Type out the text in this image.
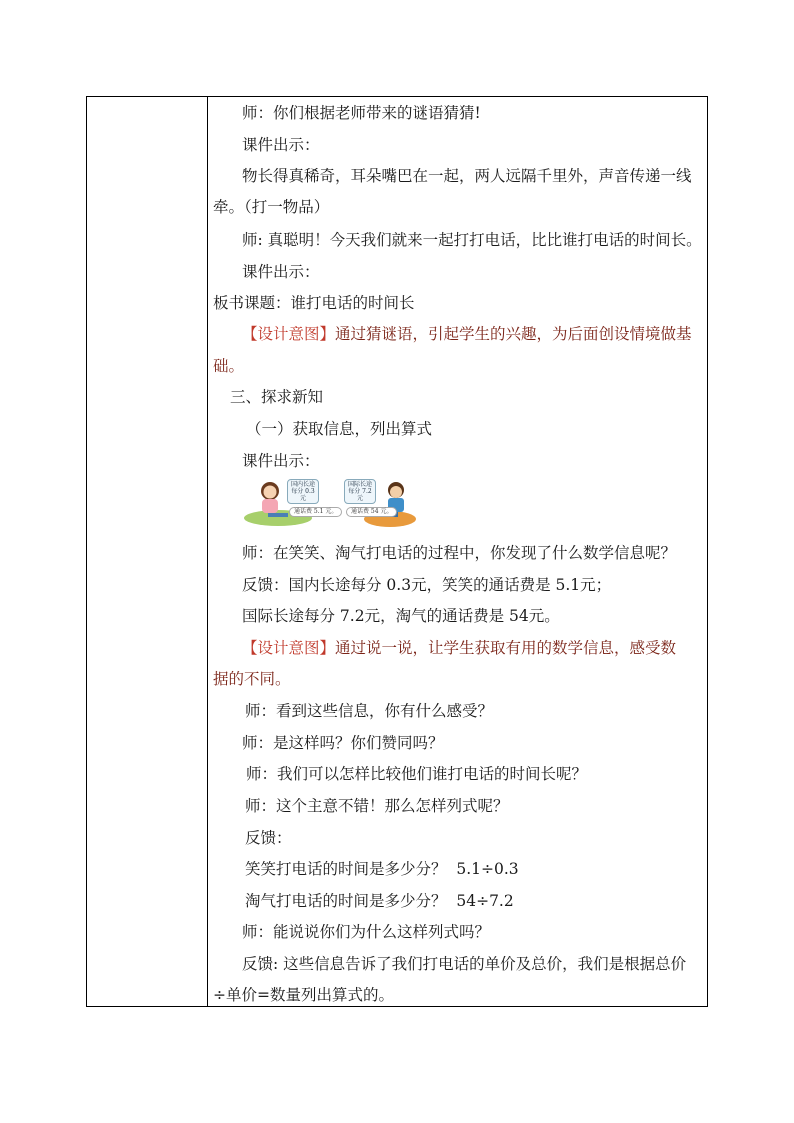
师：你们根据老师带来的谜语猜猜!
课件出示：
物长得真稀奇，耳朵嘴巴在一起，两人远隔千里外，声音传递一线
牵。（打一物品）
师: 真聪明！今天我们就来一起打打电话，比比谁打电话的时间长。
课件出示：
板书课题：谁打电话的时间长
【设计意图】通过猜谜语，引起学生的兴趣，为后面创设情境做基
础。
三、探求新知
（一）获取信息，列出算式
课件出示：
国内长途每分 0.3 元
国际长途每分 7.2 元
通话费 5.1 元。	通话费 54 元。
师：在笑笑、淘气打电话的过程中，你发现了什么数学信息呢？
反馈：国内长途每分 0.3元，笑笑的通话费是 5.1元；
国际长途每分 7.2元，淘气的通话费是 54元。
【设计意图】通过说一说，让学生获取有用的数学信息，感受数
据的不同。
师：看到这些信息，你有什么感受？
师：是这样吗？你们赞同吗？
师：我们可以怎样比较他们谁打电话的时间长呢？
师：这个主意不错！那么怎样列式呢？
反馈：
笑笑打电话的时间是多少分？  5.1÷0.3
淘气打电话的时间是多少分？  54÷7.2
师：能说说你们为什么这样列式吗？
反馈: 这些信息告诉了我们打电话的单价及总价，我们是根据总价
÷单价=数量列出算式的。
